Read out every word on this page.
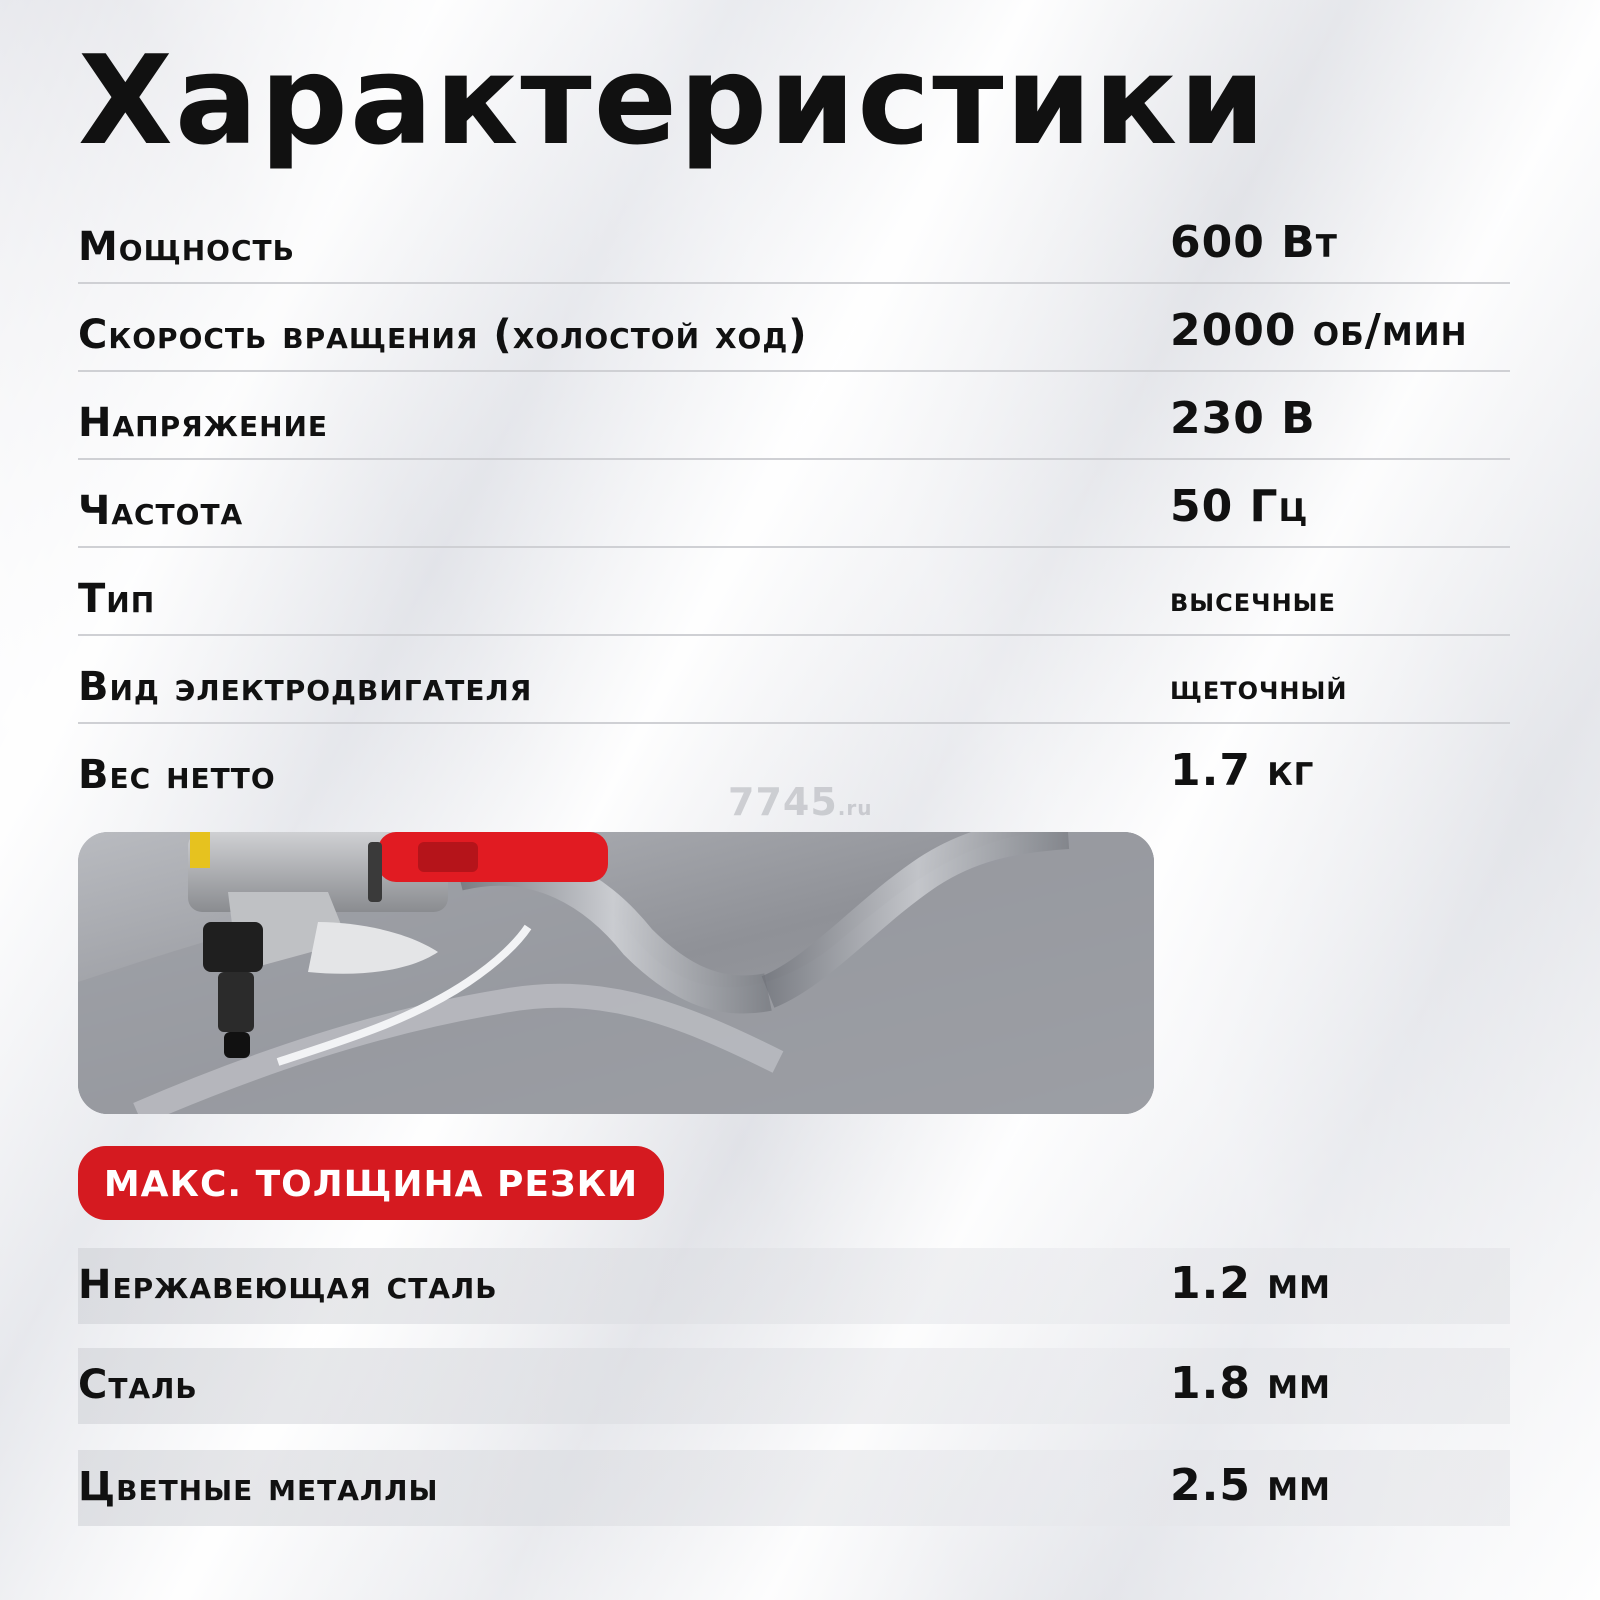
Характеристики
Мощность	600 Вт
Скорость вращения (холостой ход)	2000 об/мин
Напряжение	230 В
Частота	50 Гц
Тип	высечные
Вид электродвигателя	щеточный
Вес нетто	1.7 кг
7745.ru
МАКС. ТОЛЩИНА РЕЗКИ
Нержавеющая сталь	1.2 мм
Сталь	1.8 мм
Цветные металлы	2.5 мм
